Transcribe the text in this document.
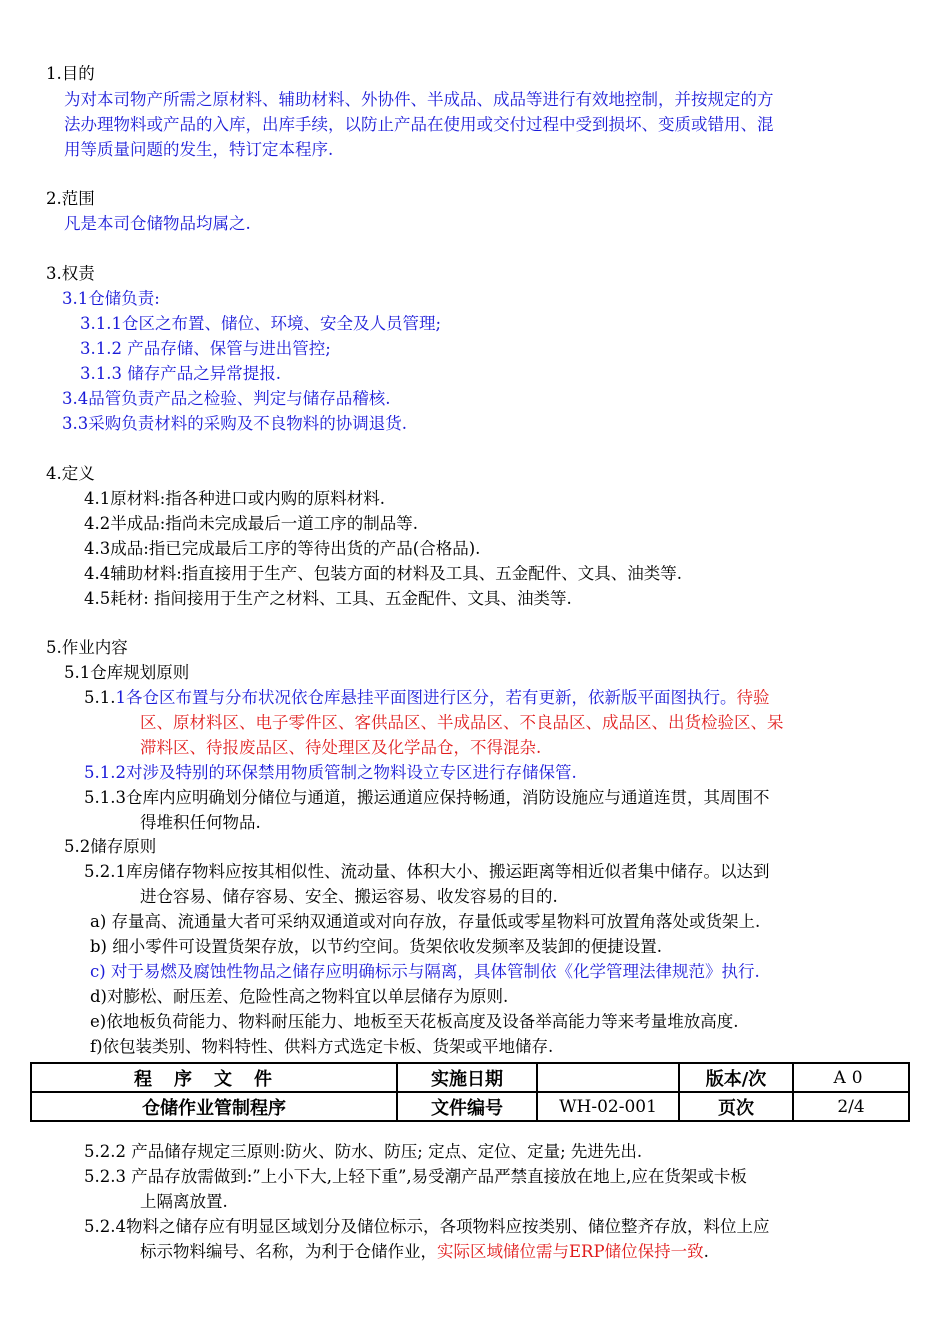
1.目的
为对本司物产所需之原材料、辅助材料、外协件、半成品、成品等进行有效地控制，并按规定的方
法办理物料或产品的入库，出库手续，以防止产品在使用或交付过程中受到损坏、变质或错用、混
用等质量问题的发生，特订定本程序.
2.范围
凡是本司仓储物品均属之.
3.权责
3.1仓储负责:
3.1.1仓区之布置、储位、环境、安全及人员管理;
3.1.2 产品存储、保管与进出管控;
3.1.3 储存产品之异常提报.
3.4品管负责产品之检验、判定与储存品稽核.
3.3采购负责材料的采购及不良物料的协调退货.
4.定义
4.1原材料:指各种进口或内购的原料材料.
4.2半成品:指尚未完成最后一道工序的制品等.
4.3成品:指已完成最后工序的等待出货的产品(合格品).
4.4辅助材料:指直接用于生产、包装方面的材料及工具、五金配件、文具、油类等.
4.5耗材: 指间接用于生产之材料、工具、五金配件、文具、油类等.
5.作业内容
5.1仓库规划原则
5.1.1各仓区布置与分布状况依仓库悬挂平面图进行区分，若有更新，依新版平面图执行。待验
区、原材料区、电子零件区、客供品区、半成品区、不良品区、成品区、出货检验区、呆
滞料区、待报废品区、待处理区及化学品仓，不得混杂.
5.1.2对涉及特别的环保禁用物质管制之物料设立专区进行存储保管.
5.1.3仓库内应明确划分储位与通道，搬运通道应保持畅通，消防设施应与通道连贯，其周围不
得堆积任何物品.
5.2储存原则
5.2.1库房储存物料应按其相似性、流动量、体积大小、搬运距离等相近似者集中储存。以达到
进仓容易、储存容易、安全、搬运容易、收发容易的目的.
a) 存量高、流通量大者可采纳双通道或对向存放，存量低或零星物料可放置角落处或货架上.
b) 细小零件可设置货架存放，以节约空间。货架依收发频率及装卸的便捷设置.
c) 对于易燃及腐蚀性物品之储存应明确标示与隔离，具体管制依《化学管理法律规范》执行.
d)对膨松、耐压差、危险性高之物料宜以单层储存为原则.
e)依地板负荷能力、物料耐压能力、地板至天花板高度及设备举高能力等来考量堆放高度.
f)依包装类别、物料特性、供料方式选定卡板、货架或平地储存.
程序文件	实施日期		版本/次	A0
仓储作业管制程序	文件编号	WH-02-001	页次	2/4
5.2.2 产品储存规定三原则:防火、防水、防压; 定点、定位、定量; 先进先出.
5.2.3 产品存放需做到:”上小下大,上轻下重”,易受潮产品严禁直接放在地上,应在货架或卡板
上隔离放置.
5.2.4物料之储存应有明显区域划分及储位标示，各项物料应按类别、储位整齐存放，料位上应
标示物料编号、名称，为利于仓储作业，实际区域储位需与ERP储位保持一致.
